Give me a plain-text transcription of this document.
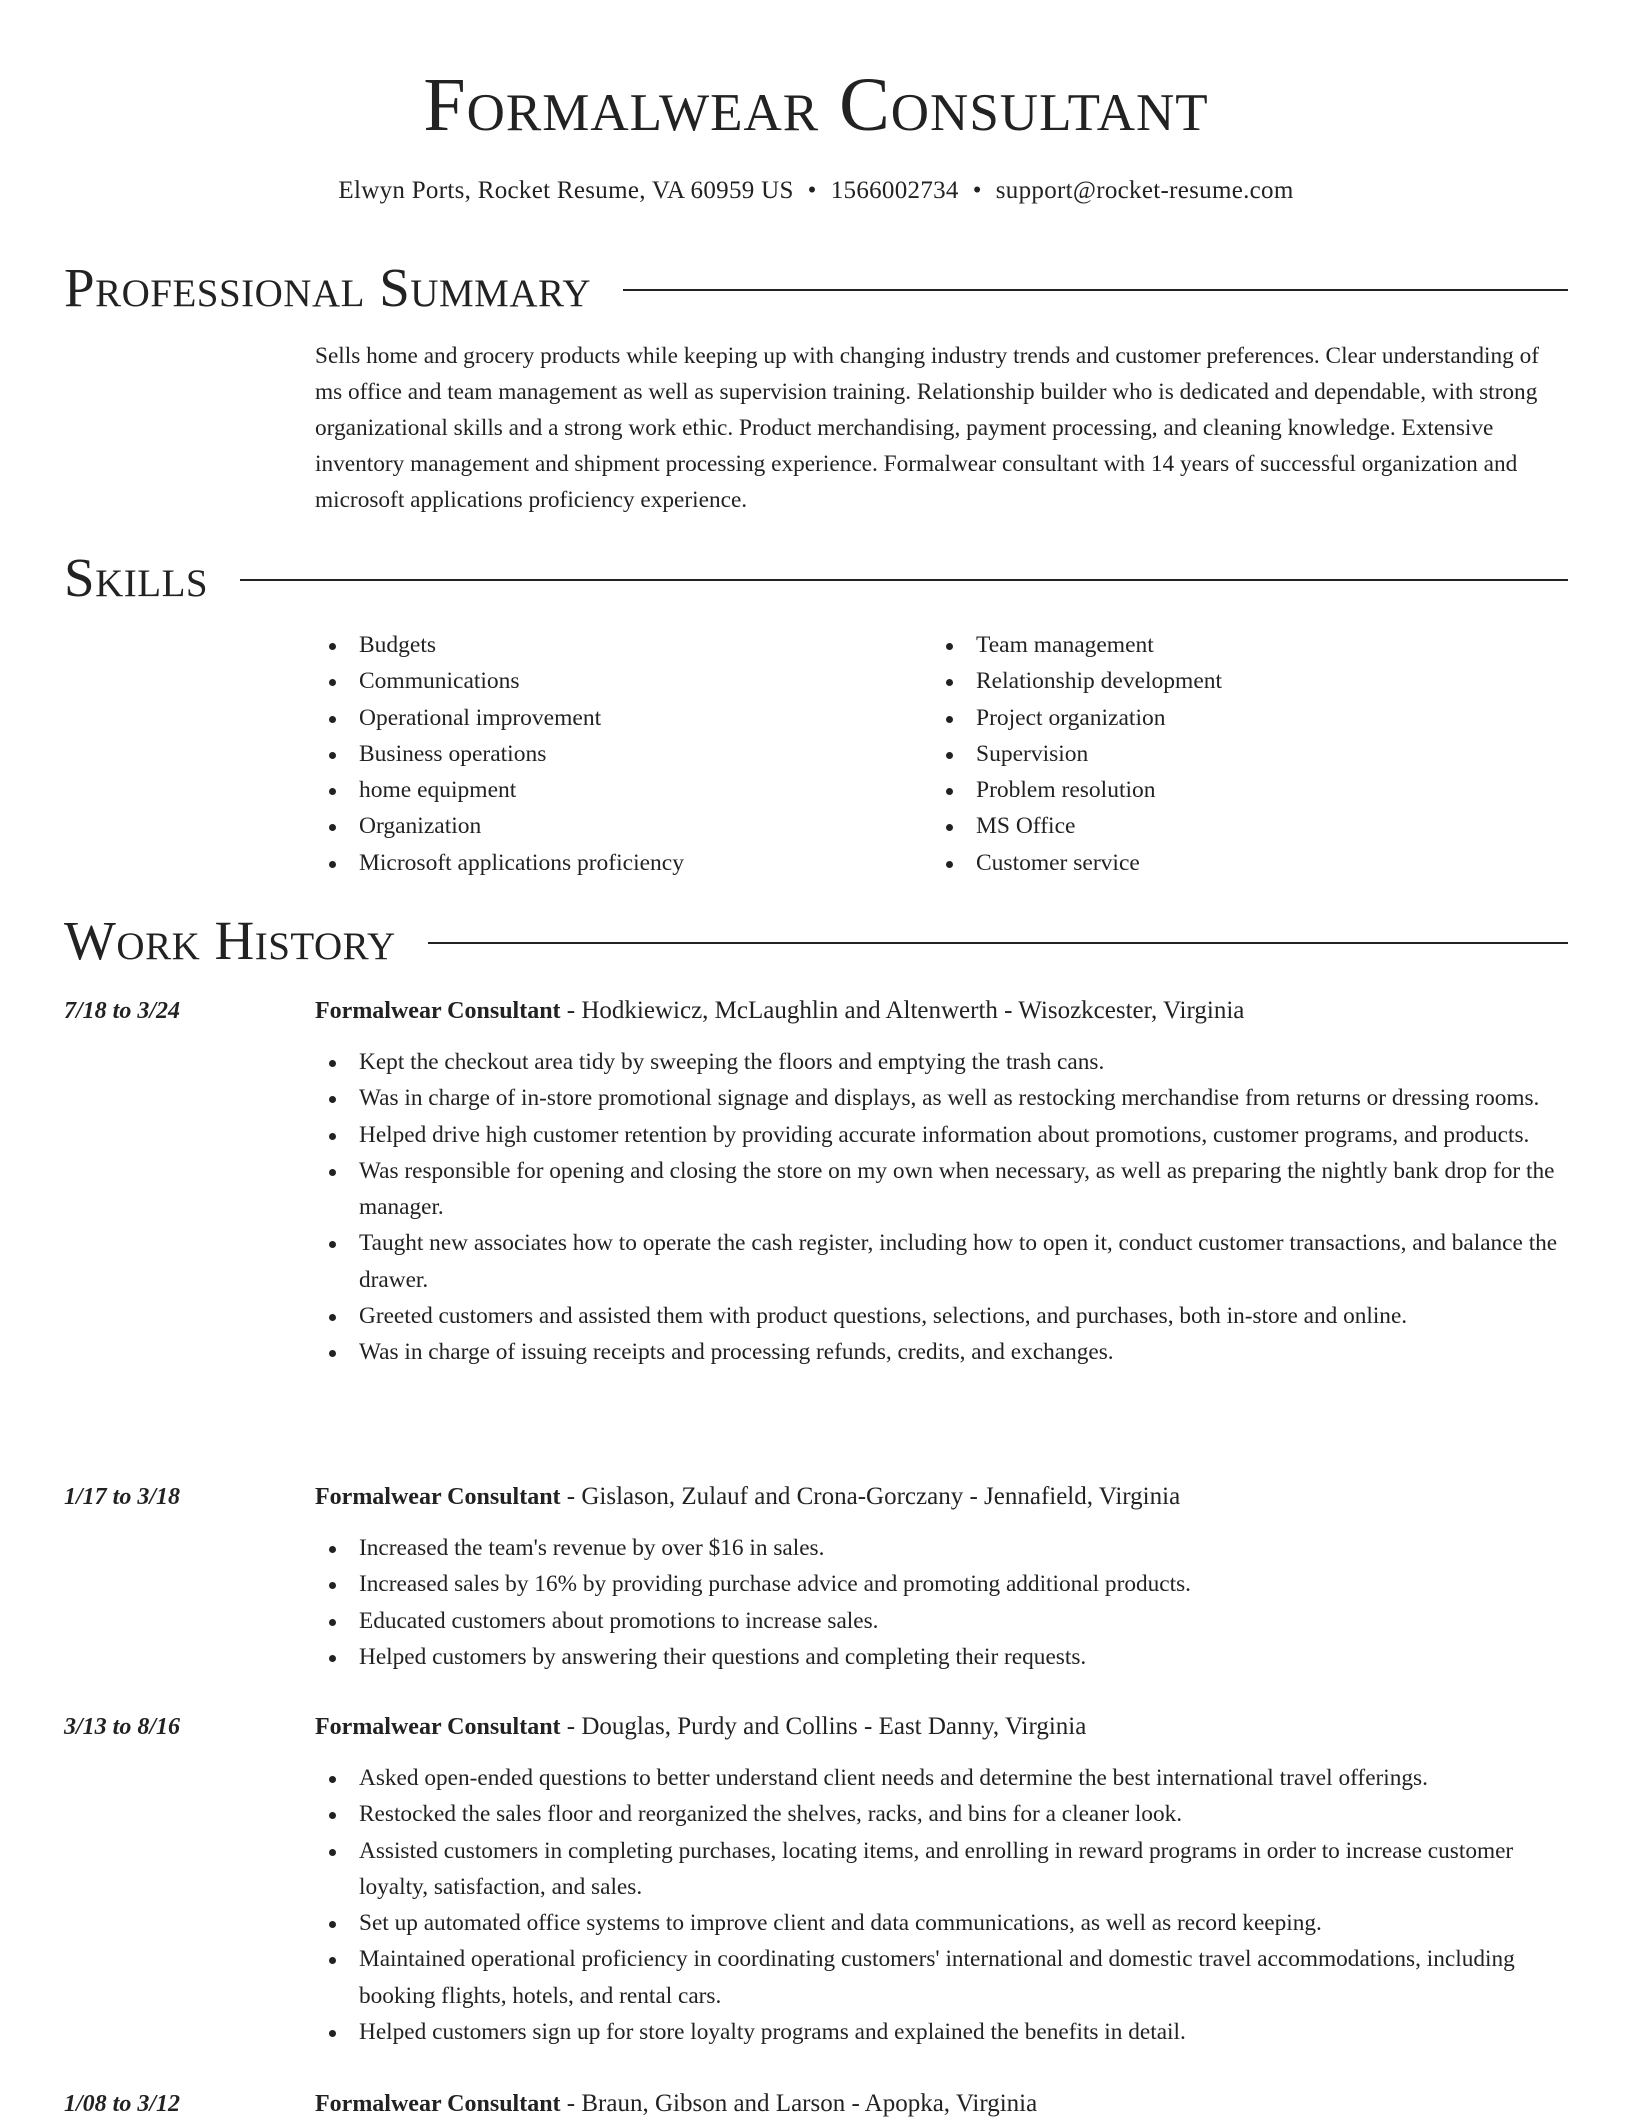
Formalwear Consultant
Elwyn Ports, Rocket Resume, VA 60959 US • 1566002734 • support@rocket-resume.com
Professional Summary
Sells home and grocery products while keeping up with changing industry trends and customer preferences. Clear understanding of ms office and team management as well as supervision training. Relationship builder who is dedicated and dependable, with strong organizational skills and a strong work ethic. Product merchandising, payment processing, and cleaning knowledge. Extensive inventory management and shipment processing experience. Formalwear consultant with 14 years of successful organization and microsoft applications proficiency experience.
Skills
Budgets
Communications
Operational improvement
Business operations
home equipment
Organization
Microsoft applications proficiency
Team management
Relationship development
Project organization
Supervision
Problem resolution
MS Office
Customer service
Work History
7/18 to 3/24	Formalwear Consultant - Hodkiewicz, McLaughlin and Altenwerth - Wisozkcester, Virginia
Kept the checkout area tidy by sweeping the floors and emptying the trash cans.
Was in charge of in-store promotional signage and displays, as well as restocking merchandise from returns or dressing rooms.
Helped drive high customer retention by providing accurate information about promotions, customer programs, and products.
Was responsible for opening and closing the store on my own when necessary, as well as preparing the nightly bank drop for the manager.
Taught new associates how to operate the cash register, including how to open it, conduct customer transactions, and balance the drawer.
Greeted customers and assisted them with product questions, selections, and purchases, both in-store and online.
Was in charge of issuing receipts and processing refunds, credits, and exchanges.
1/17 to 3/18	Formalwear Consultant - Gislason, Zulauf and Crona-Gorczany - Jennafield, Virginia
Increased the team's revenue by over $16 in sales.
Increased sales by 16% by providing purchase advice and promoting additional products.
Educated customers about promotions to increase sales.
Helped customers by answering their questions and completing their requests.
3/13 to 8/16	Formalwear Consultant - Douglas, Purdy and Collins - East Danny, Virginia
Asked open-ended questions to better understand client needs and determine the best international travel offerings.
Restocked the sales floor and reorganized the shelves, racks, and bins for a cleaner look.
Assisted customers in completing purchases, locating items, and enrolling in reward programs in order to increase customer loyalty, satisfaction, and sales.
Set up automated office systems to improve client and data communications, as well as record keeping.
Maintained operational proficiency in coordinating customers' international and domestic travel accommodations, including booking flights, hotels, and rental cars.
Helped customers sign up for store loyalty programs and explained the benefits in detail.
1/08 to 3/12	Formalwear Consultant - Braun, Gibson and Larson - Apopka, Virginia
